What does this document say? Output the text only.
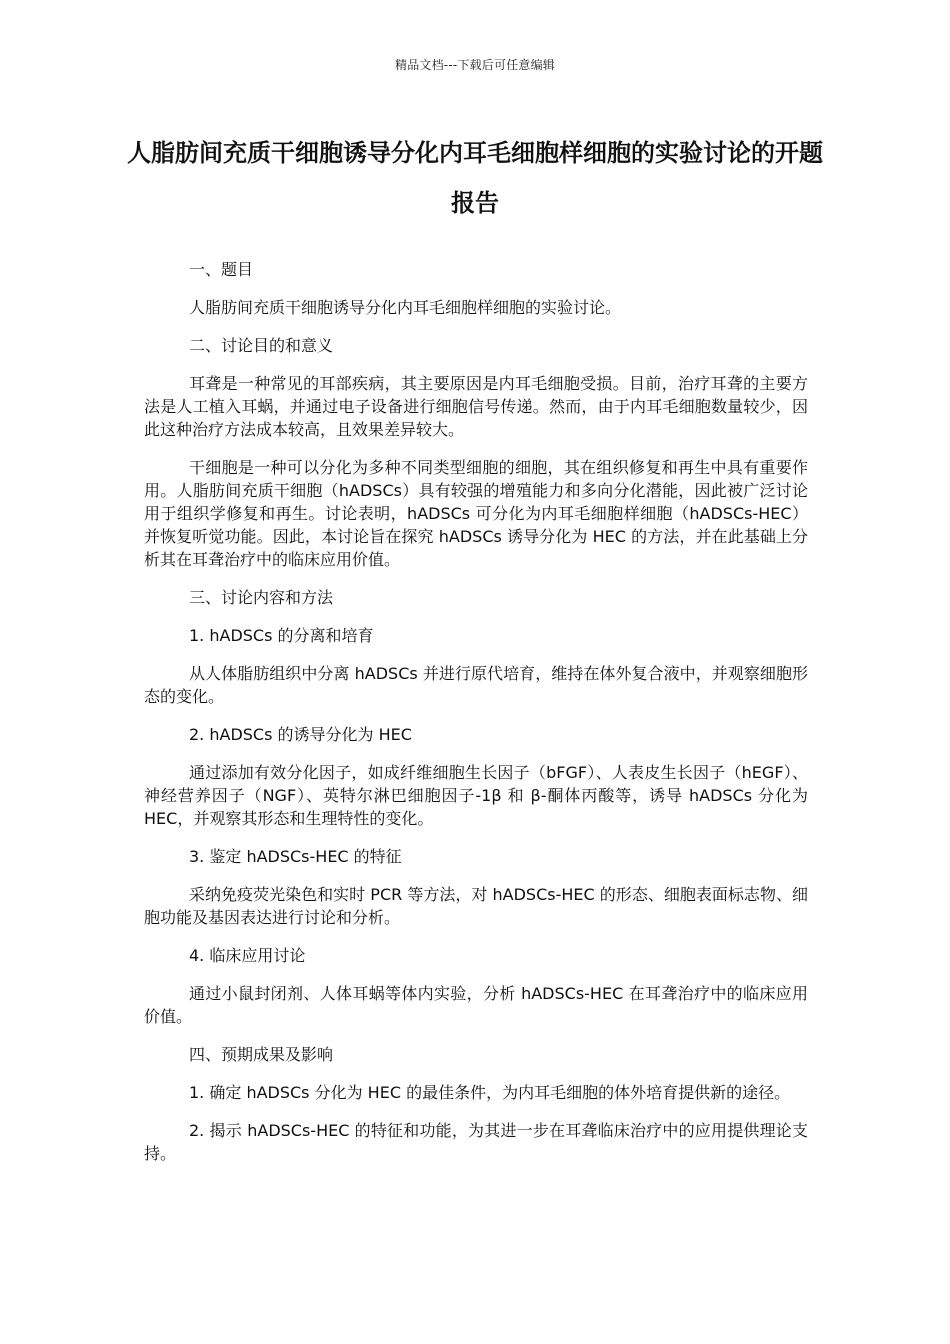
精品文档---下载后可任意编辑
人脂肪间充质干细胞诱导分化内耳毛细胞样细胞的实验讨论的开题报告

一、题目

人脂肪间充质干细胞诱导分化内耳毛细胞样细胞的实验讨论。

二、讨论目的和意义

耳聋是一种常见的耳部疾病，其主要原因是内耳毛细胞受损。目前，治疗耳聋的主要方法是人工植入耳蜗，并通过电子设备进行细胞信号传递。然而，由于内耳毛细胞数量较少，因此这种治疗方法成本较高，且效果差异较大。

干细胞是一种可以分化为多种不同类型细胞的细胞，其在组织修复和再生中具有重要作用。人脂肪间充质干细胞（hADSCs）具有较强的增殖能力和多向分化潜能，因此被广泛讨论用于组织学修复和再生。讨论表明，hADSCs 可分化为内耳毛细胞样细胞（hADSCs-HEC）并恢复听觉功能。因此，本讨论旨在探究 hADSCs 诱导分化为 HEC 的方法，并在此基础上分析其在耳聋治疗中的临床应用价值。

三、讨论内容和方法

1. hADSCs 的分离和培育

从人体脂肪组织中分离 hADSCs 并进行原代培育，维持在体外复合液中，并观察细胞形态的变化。

2. hADSCs 的诱导分化为 HEC

通过添加有效分化因子，如成纤维细胞生长因子（bFGF）、人表皮生长因子（hEGF）、神经营养因子（NGF）、英特尔淋巴细胞因子-1β 和 β-酮体丙酸等，诱导 hADSCs 分化为 HEC，并观察其形态和生理特性的变化。

3. 鉴定 hADSCs-HEC 的特征

采纳免疫荧光染色和实时 PCR 等方法，对 hADSCs-HEC 的形态、细胞表面标志物、细胞功能及基因表达进行讨论和分析。

4. 临床应用讨论

通过小鼠封闭剂、人体耳蜗等体内实验，分析 hADSCs-HEC 在耳聋治疗中的临床应用价值。

四、预期成果及影响

1. 确定 hADSCs 分化为 HEC 的最佳条件，为内耳毛细胞的体外培育提供新的途径。

2. 揭示 hADSCs-HEC 的特征和功能，为其进一步在耳聋临床治疗中的应用提供理论支持。
